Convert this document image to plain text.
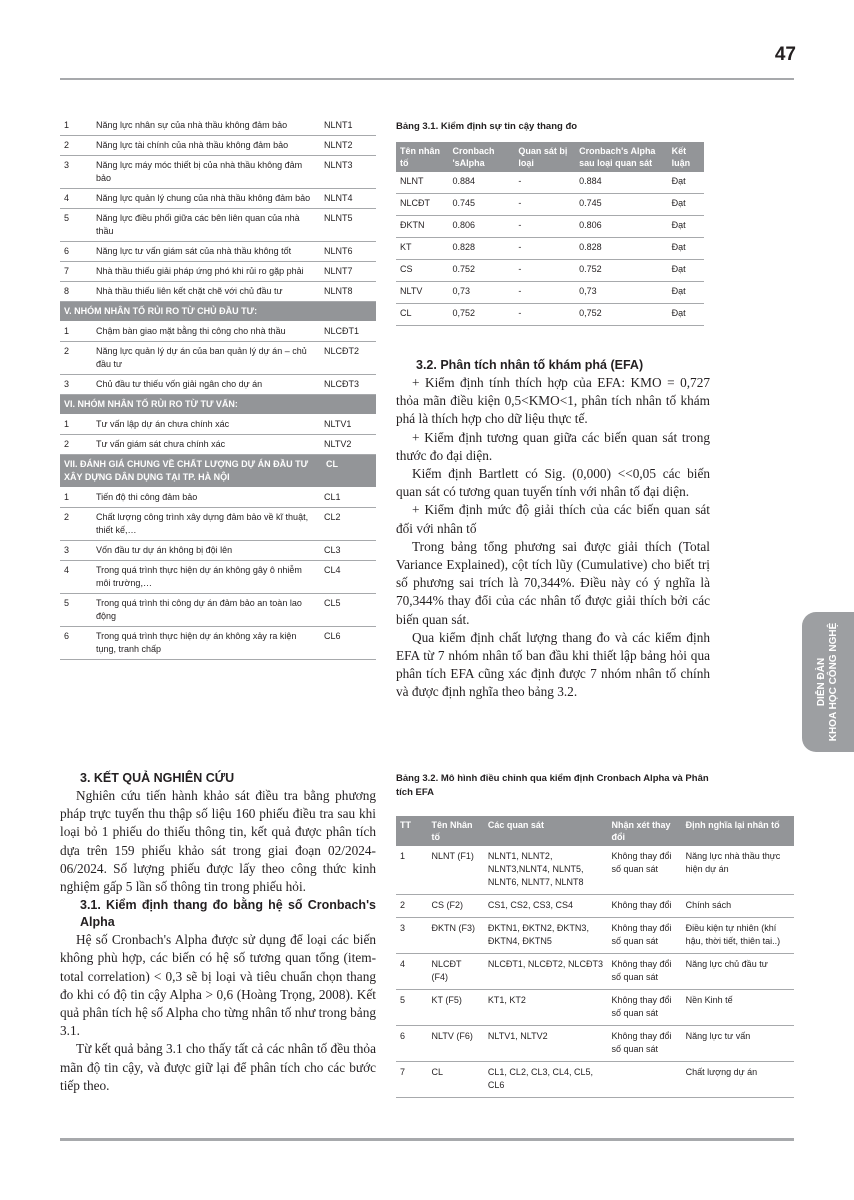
47
1	Năng lực nhân sự của nhà thầu không đảm bảo	NLNT1
2	Năng lực tài chính của nhà thầu không đảm bảo	NLNT2
3	Năng lực máy móc thiết bị của nhà thầu không đảm bảo	NLNT3
4	Năng lực quản lý chung của nhà thầu không đảm bảo	NLNT4
5	Năng lực điều phối giữa các bên liên quan của nhà thầu	NLNT5
6	Năng lực tư vấn giám sát của nhà thầu không tốt	NLNT6
7	Nhà thầu thiếu giải pháp ứng phó khi rủi ro gặp phải	NLNT7
8	Nhà thầu thiếu liên kết chặt chẽ với chủ đầu tư	NLNT8
V. NHÓM NHÂN TỐ RỦI RO TỪ CHỦ ĐẦU TƯ:		
1	Chậm bàn giao mặt bằng thi công cho nhà thầu	NLCĐT1
2	Năng lực quản lý dự án của ban quản lý dự án – chủ đầu tư	NLCĐT2
3	Chủ đầu tư thiếu vốn giải ngân cho dự án	NLCĐT3
VI. NHÓM NHÂN TỐ RỦI RO TỪ TƯ VẤN:		
1	Tư vấn lập dự án chưa chính xác	NLTV1
2	Tư vấn giám sát chưa chính xác	NLTV2
VII. ĐÁNH GIÁ CHUNG VỀ CHẤT LƯỢNG DỰ ÁN ĐẦU TƯ XÂY DỰNG DÂN DỤNG TẠI TP. HÀ NỘI		CL
1	Tiến độ thi công đảm bảo	CL1
2	Chất lượng công trình xây dựng đảm bảo về kĩ thuật, thiết kế,…	CL2
3	Vốn đầu tư dự án không bị đội lên	CL3
4	Trong quá trình thực hiện dự án không gây ô nhiễm môi trường,…	CL4
5	Trong quá trình thi công dự án đảm bảo an toàn lao động	CL5
6	Trong quá trình thực hiện dự án không xảy ra kiện tụng, tranh chấp	CL6
3. KẾT QUẢ NGHIÊN CỨU

Nghiên cứu tiến hành khảo sát điều tra bằng phương pháp trực tuyến thu thập số liệu 160 phiếu điều tra sau khi loại bỏ 1 phiếu do thiếu thông tin, kết quả được phân tích dựa trên 159 phiếu khảo sát trong giai đoạn 02/2024-06/2024. Số lượng phiếu được lấy theo công thức kinh nghiệm gấp 5 lần số thông tin trong phiếu hỏi.

3.1. Kiểm định thang đo bằng hệ số Cronbach's Alpha

Hệ số Cronbach's Alpha được sử dụng để loại các biến không phù hợp, các biến có hệ số tương quan tổng (item-total correlation) < 0,3 sẽ bị loại và tiêu chuẩn chọn thang đo khi có độ tin cậy Alpha > 0,6 (Hoàng Trọng, 2008). Kết quả phân tích hệ số Alpha cho từng nhân tố như trong bảng 3.1.

Từ kết quả bảng 3.1 cho thấy tất cả các nhân tố đều thỏa mãn độ tin cậy, và được giữ lại để phân tích cho các bước tiếp theo.

Bảng 3.1. Kiểm định sự tin cậy thang đo
Tên nhân tố	Cronbach 'sAlpha	Quan sát bị loại	Cronbach's Alpha sau loại quan sát	Kết luận
NLNT	0.884	-	0.884	Đạt
NLCĐT	0.745	-	0.745	Đạt
ĐKTN	0.806	-	0.806	Đạt
KT	0.828	-	0.828	Đạt
CS	0.752	-	0.752	Đạt
NLTV	0,73	-	0,73	Đạt
CL	0,752	-	0,752	Đạt
3.2. Phân tích nhân tố khám phá (EFA)

+ Kiểm định tính thích hợp của EFA: KMO = 0,727 thỏa mãn điều kiện 0,5<KMO<1, phân tích nhân tố khám phá là thích hợp cho dữ liệu thực tế.

+ Kiểm định tương quan giữa các biến quan sát trong thước đo đại diện.

Kiểm định Bartlett có Sig. (0,000) <<0,05 các biến quan sát có tương quan tuyến tính với nhân tố đại diện.

+ Kiểm định mức độ giải thích của các biến quan sát đối với nhân tố

Trong bảng tổng phương sai được giải thích (Total Variance Explained), cột tích lũy (Cumulative) cho biết trị số phương sai trích là 70,344%. Điều này có ý nghĩa là 70,344% thay đổi của các nhân tố được giải thích bởi các biến quan sát.

Qua kiểm định chất lượng thang đo và các kiểm định EFA từ 7 nhóm nhân tố ban đầu khi thiết lập bảng hỏi qua phân tích EFA cũng xác định được 7 nhóm nhân tố chính và được định nghĩa theo bảng 3.2.

Bảng 3.2. Mô hình điều chỉnh qua kiểm định Cronbach Alpha và Phân tích EFA
TT	Tên Nhân tố	Các quan sát	Nhận xét thay đổi	Định nghĩa lại nhân tố
1	NLNT (F1)	NLNT1, NLNT2, NLNT3,NLNT4, NLNT5, NLNT6, NLNT7, NLNT8	Không thay đổi số quan sát	Năng lực nhà thầu thực hiện dự án
2	CS (F2)	CS1, CS2, CS3, CS4	Không thay đổi	Chính sách
3	ĐKTN (F3)	ĐKTN1, ĐKTN2, ĐKTN3, ĐKTN4, ĐKTN5	Không thay đổi số quan sát	Điều kiện tự nhiên (khí hậu, thời tiết, thiên tai..)
4	NLCĐT (F4)	NLCĐT1, NLCĐT2, NLCĐT3	Không thay đổi số quan sát	Năng lực chủ đầu tư
5	KT (F5)	KT1, KT2	Không thay đổi số quan sát	Nền Kinh tế
6	NLTV (F6)	NLTV1, NLTV2	Không thay đổi số quan sát	Năng lực tư vấn
7	CL	CL1, CL2, CL3, CL4, CL5, CL6		Chất lượng dự án
DIỄN ĐÀN KHOA HỌC CÔNG NGHỆ
